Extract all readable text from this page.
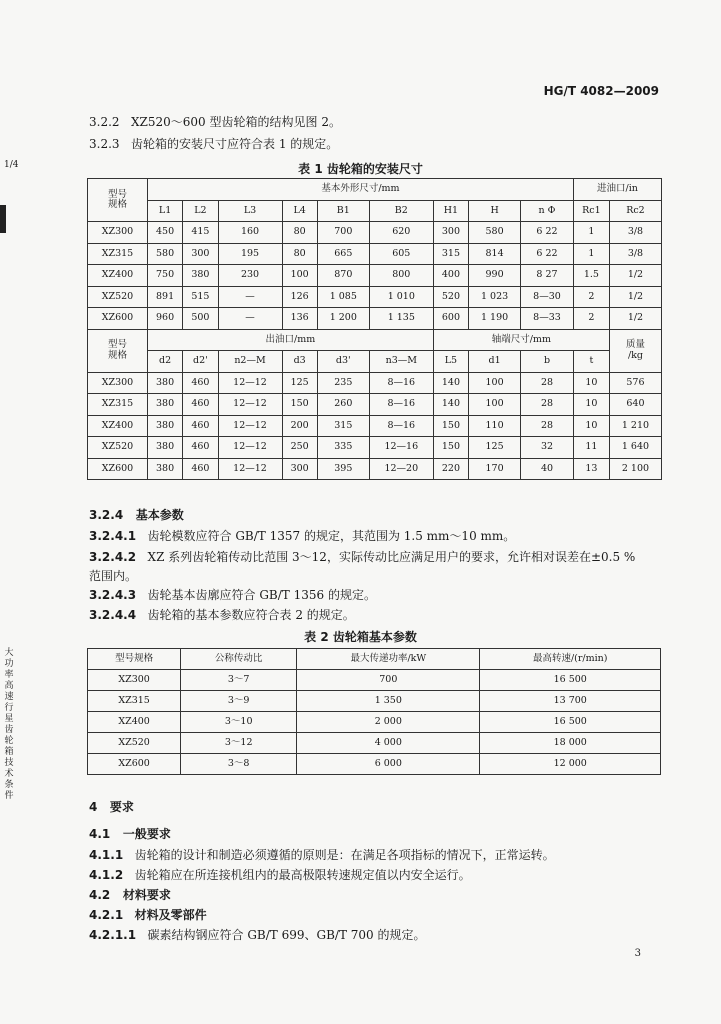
1/4
大功率高速行星齿轮箱技术条件
HG/T 4082—2009
3.2.2 XZ520～600 型齿轮箱的结构见图 2。
3.2.3 齿轮箱的安装尺寸应符合表 1 的规定。
表 1 齿轮箱的安装尺寸
型号
规格	基本外形尺寸/mm									进油口/in	
	L1	L2	L3	L4	B1	B2	H1	H	n Φ	Rc1	Rc2
XZ300	450	415	160	80	700	620	300	580	6 22	1	3/8
XZ315	580	300	195	80	665	605	315	814	6 22	1	3/8
XZ400	750	380	230	100	870	800	400	990	8 27	1.5	1/2
XZ520	891	515	—	126	1 085	1 010	520	1 023	8—30	2	1/2
XZ600	960	500	—	136	1 200	1 135	600	1 190	8—33	2	1/2
型号
规格	出油口/mm						轴端尺寸/mm				质量
/kg
	d2	d2'	n2—M	d3	d3'	n3—M	L5	d1	b	t	
XZ300	380	460	12—12	125	235	8—16	140	100	28	10	576
XZ315	380	460	12—12	150	260	8—16	140	100	28	10	640
XZ400	380	460	12—12	200	315	8—16	150	110	28	10	1 210
XZ520	380	460	12—12	250	335	12—16	150	125	32	11	1 640
XZ600	380	460	12—12	300	395	12—20	220	170	40	13	2 100
3.2.4 基本参数
3.2.4.1 齿轮模数应符合 GB/T 1357 的规定，其范围为 1.5 mm～10 mm。
3.2.4.2 XZ 系列齿轮箱传动比范围 3～12，实际传动比应满足用户的要求，允许相对误差在±0.5 %
范围内。
3.2.4.3 齿轮基本齿廓应符合 GB/T 1356 的规定。
3.2.4.4 齿轮箱的基本参数应符合表 2 的规定。
表 2 齿轮箱基本参数
型号规格	公称传动比	最大传递功率/kW	最高转速/(r/min)
XZ300	3～7	700	16 500
XZ315	3～9	1 350	13 700
XZ400	3～10	2 000	16 500
XZ520	3～12	4 000	18 000
XZ600	3～8	6 000	12 000
4 要求
4.1 一般要求
4.1.1 齿轮箱的设计和制造必须遵循的原则是：在满足各项指标的情况下，正常运转。
4.1.2 齿轮箱应在所连接机组内的最高极限转速规定值以内安全运行。
4.2 材料要求
4.2.1 材料及零部件
4.2.1.1 碳素结构钢应符合 GB/T 699、GB/T 700 的规定。
3
